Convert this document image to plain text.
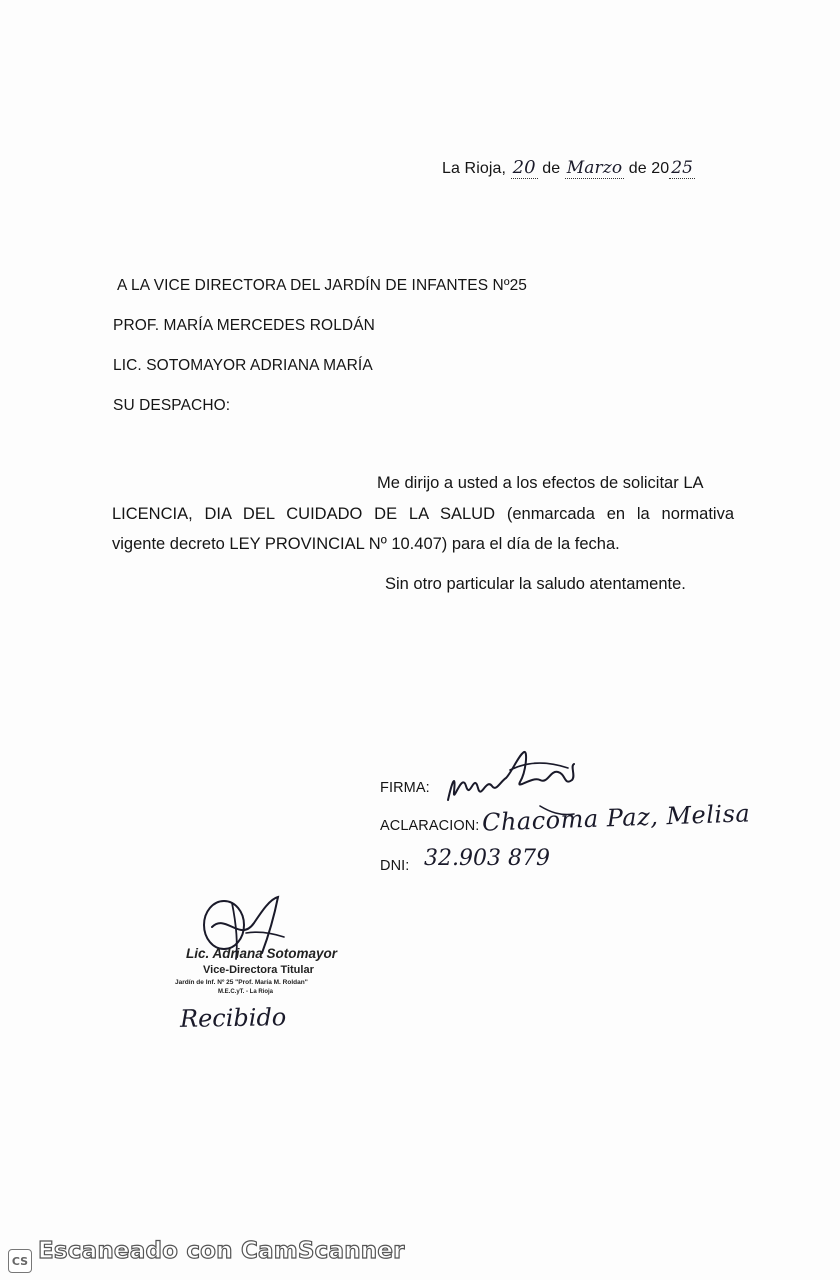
La Rioja, 20 de Marzo de 20 25
A LA VICE DIRECTORA DEL JARDÍN DE INFANTES Nº25
PROF. MARÍA MERCEDES ROLDÁN
LIC. SOTOMAYOR ADRIANA MARÍA
SU DESPACHO:
Me dirijo a usted a los efectos de solicitar LA
LICENCIA, DIA DEL CUIDADO DE LA SALUD (enmarcada en la normativa
vigente decreto LEY PROVINCIAL Nº 10.407) para el día de la fecha.
Sin otro particular la saludo atentamente.
FIRMA:
ACLARACION: Chacoma Paz, Melisa
DNI: 32.903 879
Lic. Adriana Sotomayor
Vice-Directora Titular
Jardín de Inf. Nº 25 "Prof. María M. Roldan"
M.E.C.yT. - La Rioja
Recibido
CS Escaneado con CamScanner
